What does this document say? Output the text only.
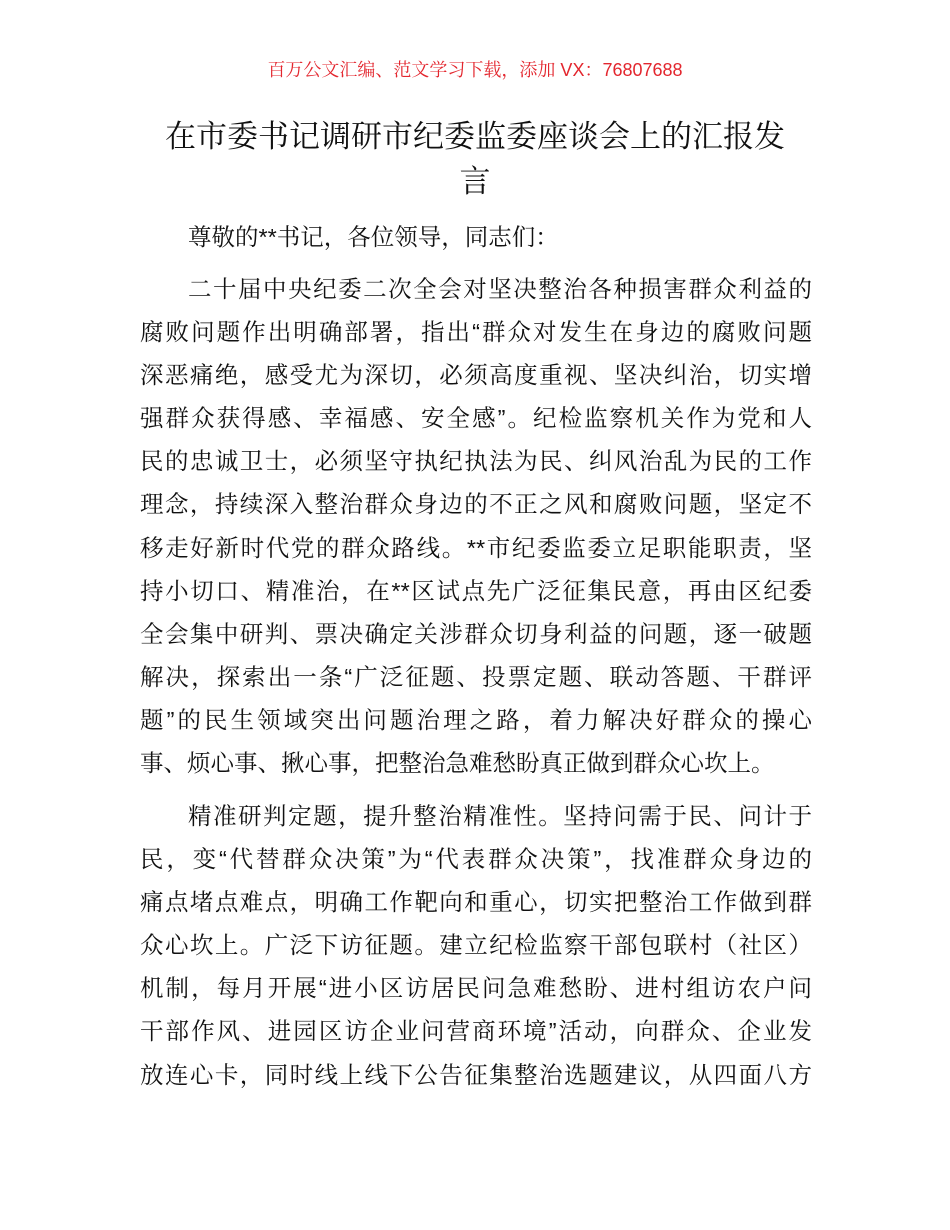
百万公文汇编、范文学习下载，添加 VX：76807688
在市委书记调研市纪委监委座谈会上的汇报发
言
尊敬的**书记，各位领导，同志们：
二十届中央纪委二次全会对坚决整治各种损害群众利益的
腐败问题作出明确部署，指出“群众对发生在身边的腐败问题
深恶痛绝，感受尤为深切，必须高度重视、坚决纠治，切实增
强群众获得感、幸福感、安全感”。纪检监察机关作为党和人
民的忠诚卫士，必须坚守执纪执法为民、纠风治乱为民的工作
理念，持续深入整治群众身边的不正之风和腐败问题，坚定不
移走好新时代党的群众路线。**市纪委监委立足职能职责，坚
持小切口、精准治，在**区试点先广泛征集民意，再由区纪委
全会集中研判、票决确定关涉群众切身利益的问题，逐一破题
解决，探索出一条“广泛征题、投票定题、联动答题、干群评
题”的民生领域突出问题治理之路，着力解决好群众的操心
事、烦心事、揪心事，把整治急难愁盼真正做到群众心坎上。
精准研判定题，提升整治精准性。坚持问需于民、问计于
民，变“代替群众决策”为“代表群众决策”，找准群众身边的
痛点堵点难点，明确工作靶向和重心，切实把整治工作做到群
众心坎上。广泛下访征题。建立纪检监察干部包联村（社区）
机制，每月开展“进小区访居民问急难愁盼、进村组访农户问
干部作风、进园区访企业问营商环境”活动，向群众、企业发
放连心卡，同时线上线下公告征集整治选题建议，从四面八方
